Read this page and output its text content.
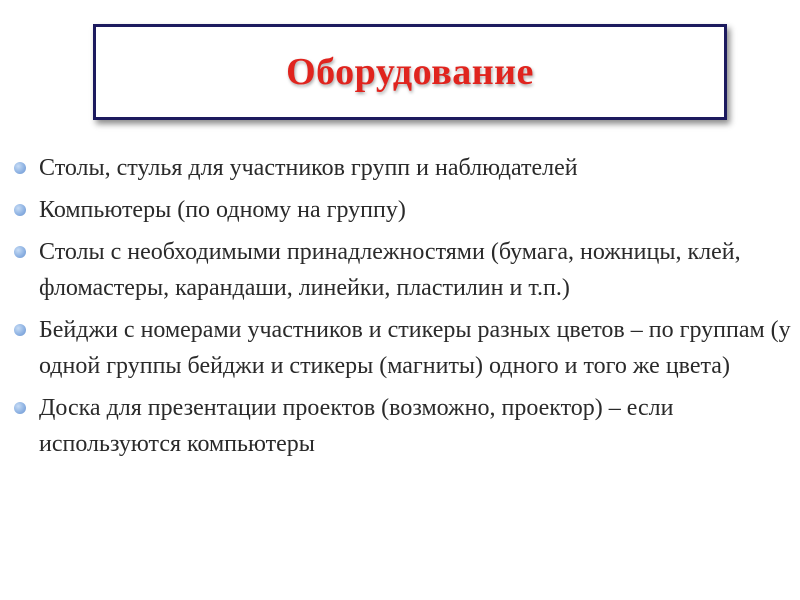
Оборудование
Столы, стулья для участников групп и наблюдателей
Компьютеры (по одному на группу)
Столы с необходимыми принадлежностями (бумага, ножницы, клей, фломастеры, карандаши, линейки, пластилин и т.п.)
Бейджи с номерами участников и стикеры разных цветов – по группам (у одной группы бейджи и стикеры (магниты) одного и того же цвета)
Доска для презентации проектов (возможно, проектор) – если используются компьютеры
